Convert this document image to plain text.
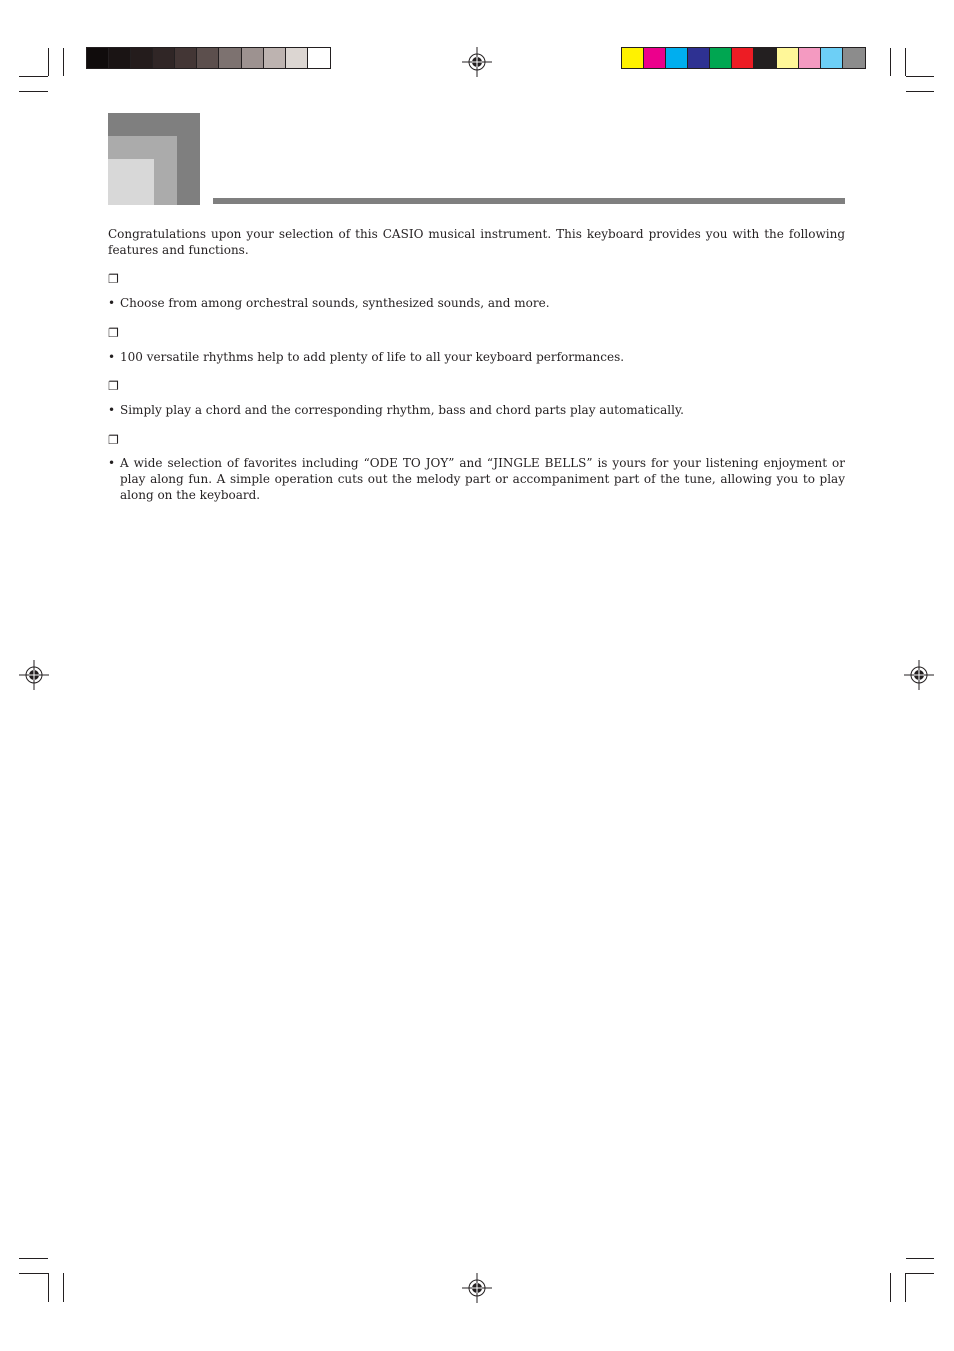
Congratulations upon your selection of this CASIO musical instrument. This keyboard provides you with the following features and functions.
❐
• Choose from among orchestral sounds, synthesized sounds, and more.
❐
• 100 versatile rhythms help to add plenty of life to all your keyboard performances.
❐
• Simply play a chord and the corresponding rhythm, bass and chord parts play automatically.
❐
• A wide selection of favorites including “ODE TO JOY” and “JINGLE BELLS” is yours for your listening enjoyment or play along fun. A simple operation cuts out the melody part or accompaniment part of the tune, allowing you to play along on the keyboard.
